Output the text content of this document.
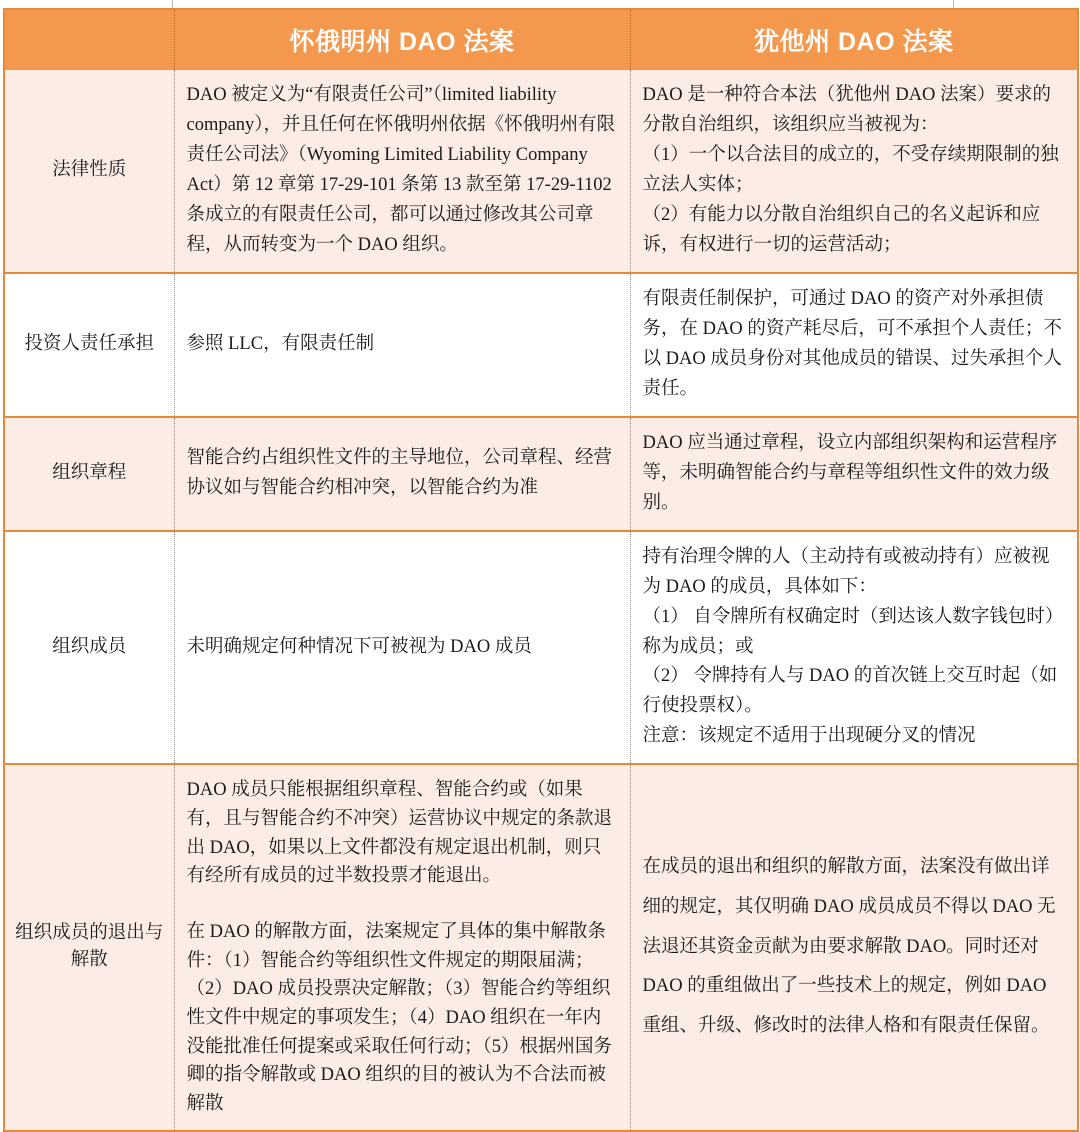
	怀俄明州 DAO 法案	犹他州 DAO 法案
法律性质	DAO 被定义为“有限责任公司”（limited liability company），并且任何在怀俄明州依据《怀俄明州有限责任公司法》（Wyoming Limited Liability Company Act）第 12 章第 17-29-101 条第 13 款至第 17-29-1102 条成立的有限责任公司，都可以通过修改其公司章程，从而转变为一个 DAO 组织。	DAO 是一种符合本法（犹他州 DAO 法案）要求的分散自治组织，该组织应当被视为：

（1）一个以合法目的成立的，不受存续期限制的独立法人实体；

（2）有能力以分散自治组织自己的名义起诉和应诉，有权进行一切的运营活动；

投资人责任承担	参照 LLC，有限责任制	有限责任制保护，可通过 DAO 的资产对外承担债务，在 DAO 的资产耗尽后，可不承担个人责任；不以 DAO 成员身份对其他成员的错误、过失承担个人责任。

组织章程	智能合约占组织性文件的主导地位，公司章程、经营协议如与智能合约相冲突，以智能合约为准	DAO 应当通过章程，设立内部组织架构和运营程序等，未明确智能合约与章程等组织性文件的效力级别。

组织成员	未明确规定何种情况下可被视为 DAO 成员	持有治理令牌的人（主动持有或被动持有）应被视为 DAO 的成员，具体如下：

（1） 自令牌所有权确定时（到达该人数字钱包时）称为成员；或

（2） 令牌持有人与 DAO 的首次链上交互时起（如行使投票权）。

注意：该规定不适用于出现硬分叉的情况

组织成员的退出与解散	DAO 成员只能根据组织章程、智能合约或（如果有，且与智能合约不冲突）运营协议中规定的条款退出 DAO，如果以上文件都没有规定退出机制，则只有经所有成员的过半数投票才能退出。

在 DAO 的解散方面，法案规定了具体的集中解散条件：（1）智能合约等组织性文件规定的期限届满；（2）DAO 成员投票决定解散；（3）智能合约等组织性文件中规定的事项发生；（4）DAO 组织在一年内没能批准任何提案或采取任何行动；（5）根据州国务卿的指令解散或 DAO 组织的目的被认为不合法而被解散	在成员的退出和组织的解散方面，法案没有做出详细的规定，其仅明确 DAO 成员成员不得以 DAO 无法退还其资金贡献为由要求解散 DAO。同时还对 DAO 的重组做出了一些技术上的规定，例如 DAO 重组、升级、修改时的法律人格和有限责任保留。
